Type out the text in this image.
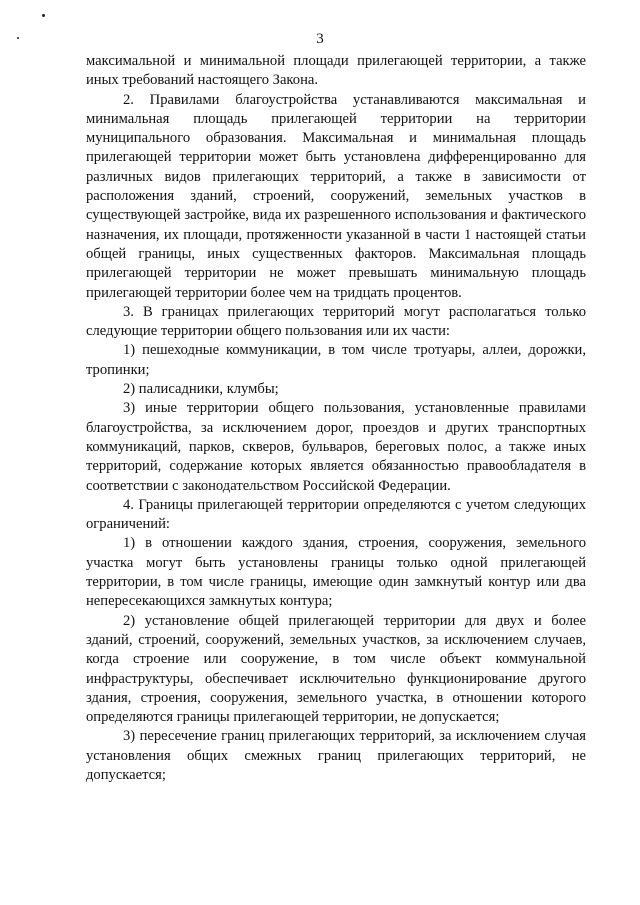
3

максимальной и минимальной площади прилегающей территории, а также иных требований настоящего Закона.

2. Правилами благоустройства устанавливаются максимальная и минимальная площадь прилегающей территории на территории муниципального образования. Максимальная и минимальная площадь прилегающей территории может быть установлена дифференцированно для различных видов прилегающих территорий, а также в зависимости от расположения зданий, строений, сооружений, земельных участков в существующей застройке, вида их разрешенного использования и фактического назначения, их площади, протяженности указанной в части 1 настоящей статьи общей границы, иных существенных факторов. Максимальная площадь прилегающей территории не может превышать минимальную площадь прилегающей территории более чем на тридцать процентов.

3. В границах прилегающих территорий могут располагаться только следующие территории общего пользования или их части:

1) пешеходные коммуникации, в том числе тротуары, аллеи, дорожки, тропинки;

2) палисадники, клумбы;

3) иные территории общего пользования, установленные правилами благоустройства, за исключением дорог, проездов и других транспортных коммуникаций, парков, скверов, бульваров, береговых полос, а также иных территорий, содержание которых является обязанностью правообладателя в соответствии с законодательством Российской Федерации.

4. Границы прилегающей территории определяются с учетом следующих ограничений:

1) в отношении каждого здания, строения, сооружения, земельного участка могут быть установлены границы только одной прилегающей территории, в том числе границы, имеющие один замкнутый контур или два непересекающихся замкнутых контура;

2) установление общей прилегающей территории для двух и более зданий, строений, сооружений, земельных участков, за исключением случаев, когда строение или сооружение, в том числе объект коммунальной инфраструктуры, обеспечивает исключительно функционирование другого здания, строения, сооружения, земельного участка, в отношении которого определяются границы прилегающей территории, не допускается;

3) пересечение границ прилегающих территорий, за исключением случая установления общих смежных границ прилегающих территорий, не допускается;
